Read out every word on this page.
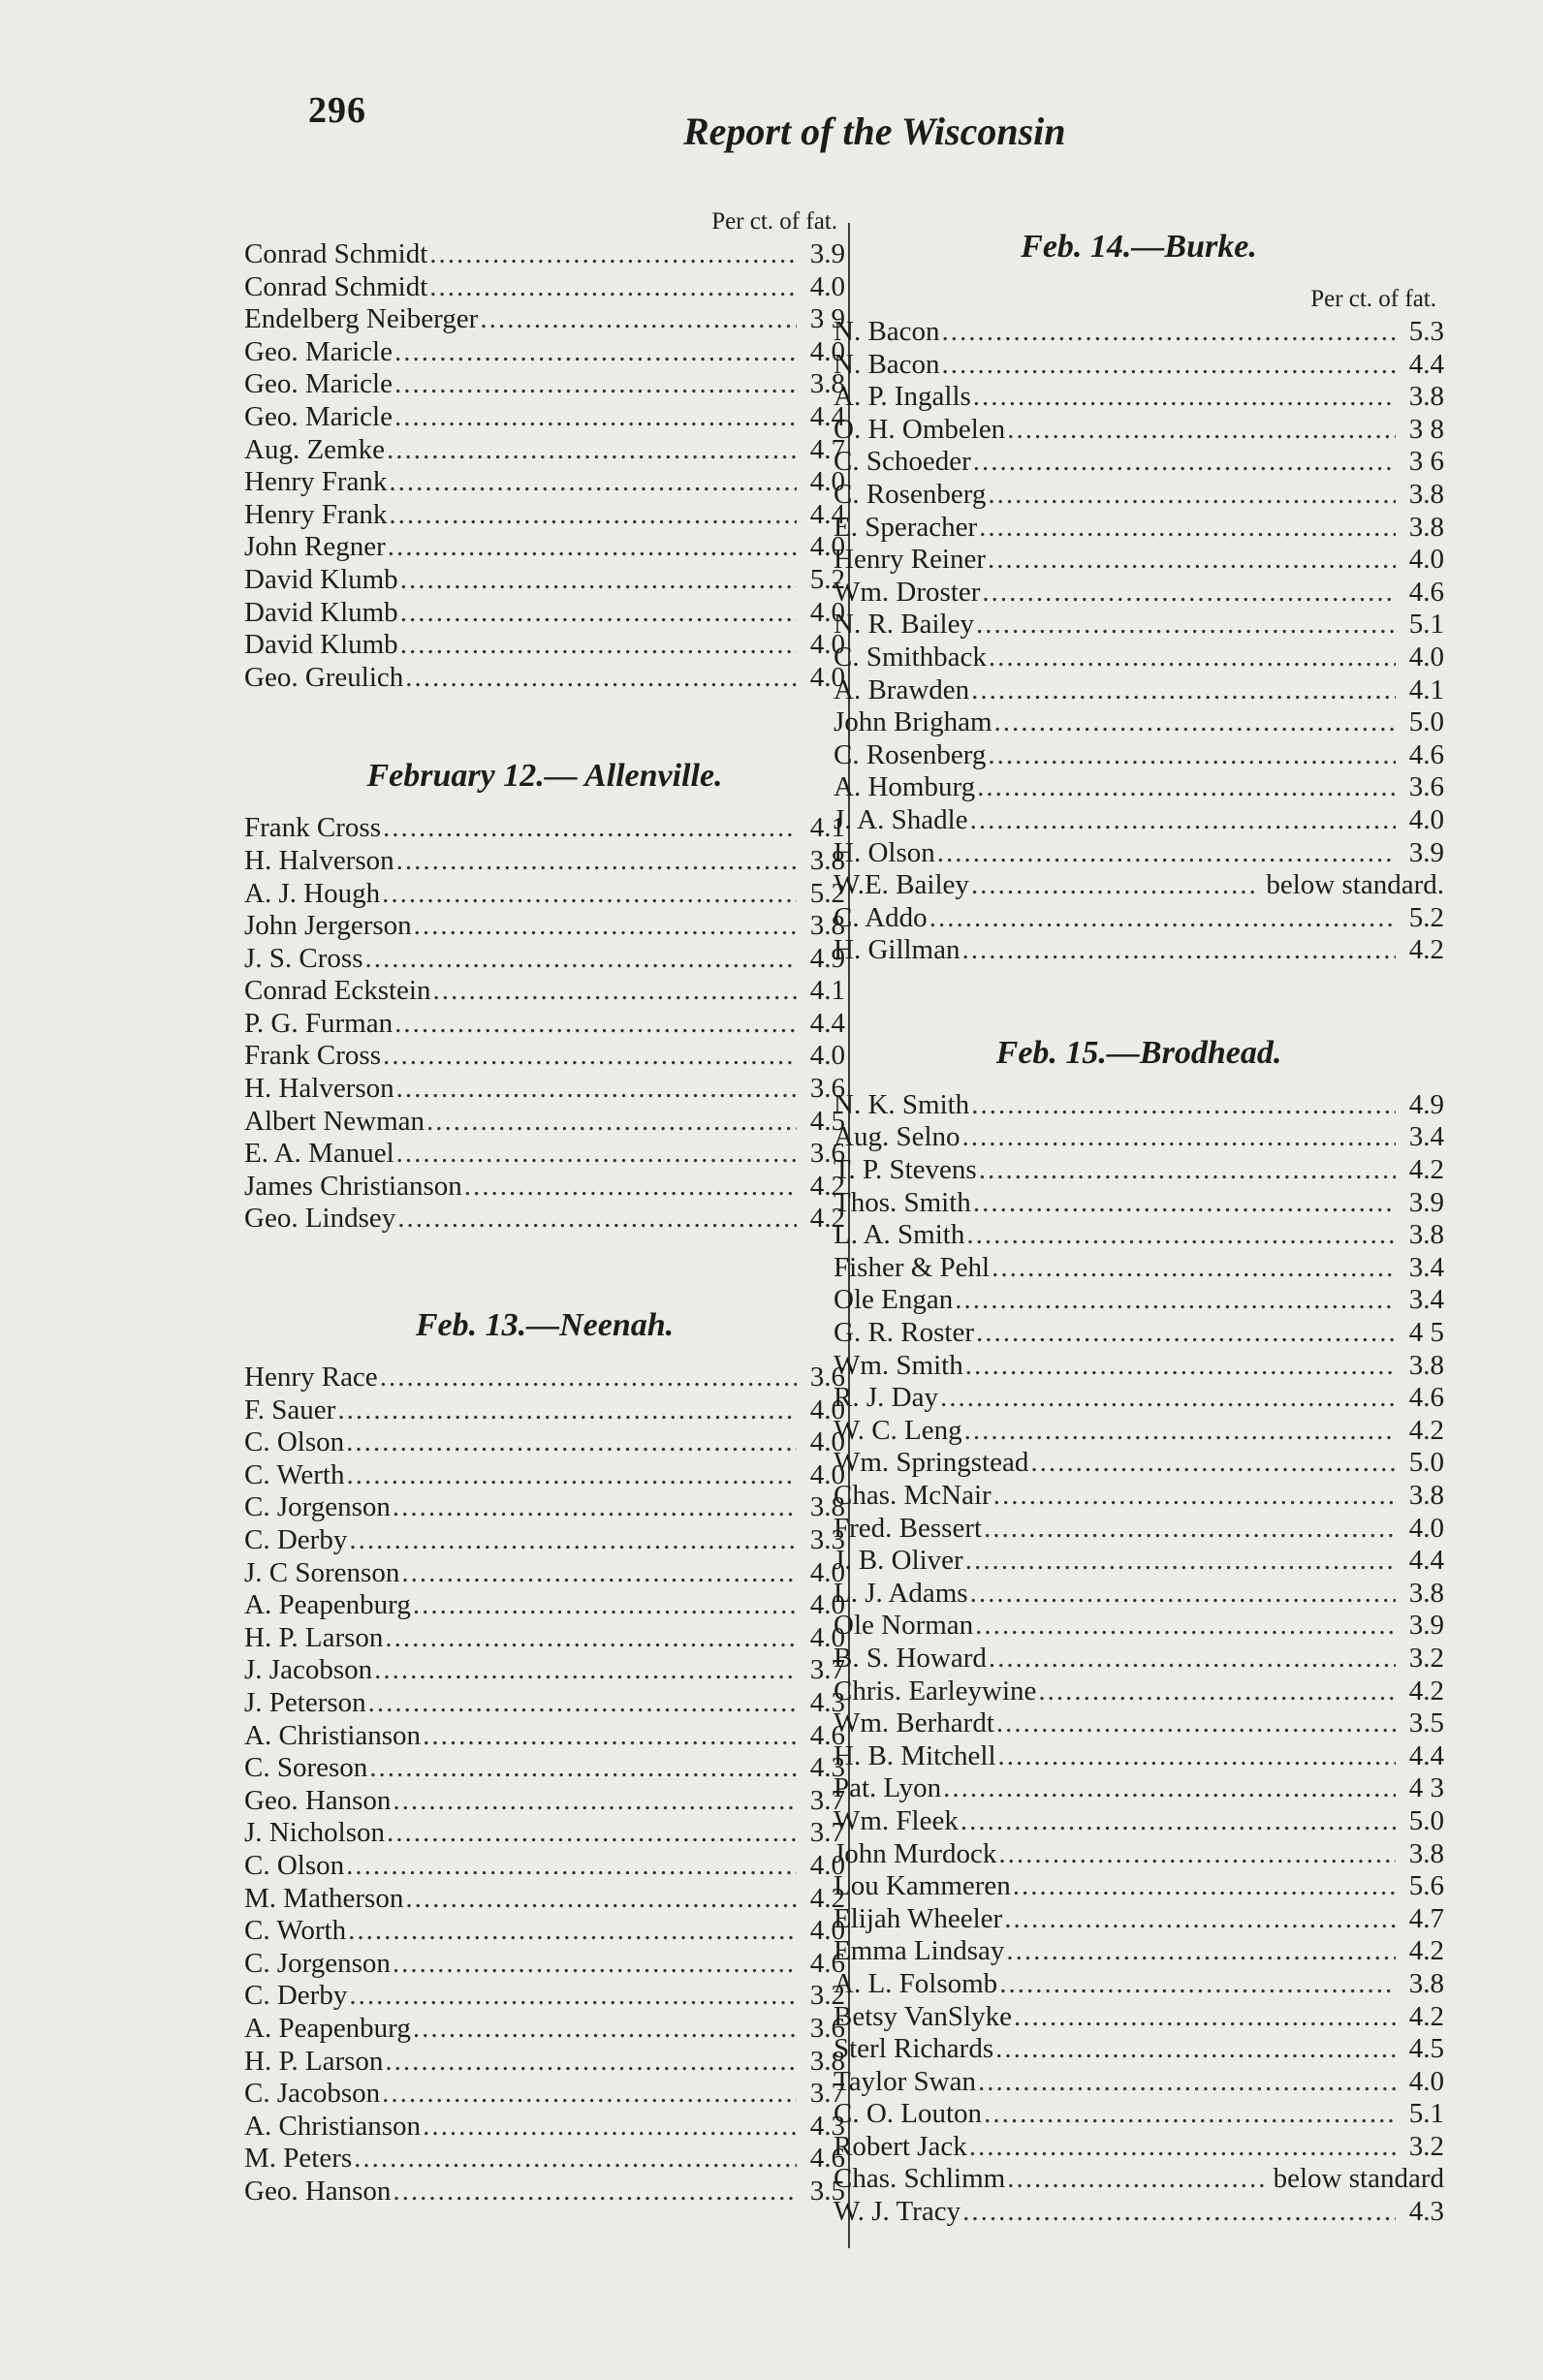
296	Report of the Wisconsin
Per ct. of fat.
Conrad Schmidt .....	3.9
Conrad Schmidt .....	4.0
Endelberg Neiberger .....	3 9
Geo. Maricle .....	4.0
Geo. Maricle .....	3.8
Geo. Maricle .....	4.4
Aug. Zemke .....	4.7
Henry Frank .....	4.0
Henry Frank .....	4.4
John Regner .....	4.0
David Klumb .....	5.2
David Klumb .....	4.0
David Klumb .....	4.0
Geo. Greulich .....	4.0
February 12.— Allenville.
Frank Cross .....	4.1
H. Halverson .....	3.8
A. J. Hough .....	5.2
John Jergerson .....	3.8
J. S. Cross .....	4.9
Conrad Eckstein .....	4.1
P. G. Furman .....	4.4
Frank Cross .....	4.0
H. Halverson .....	3.6
Albert Newman .....	4.5
E. A. Manuel .....	3.6
James Christianson .....	4.2
Geo. Lindsey .....	4.2
Feb. 13.—Neenah.
Henry Race .....	3.6
F. Sauer .....	4.0
C. Olson .....	4.0
C. Werth .....	4.0
C. Jorgenson .....	3.8
C. Derby .....	3.3
J. C Sorenson .....	4.0
A. Peapenburg .....	4.0
H. P. Larson .....	4.0
J. Jacobson .....	3.7
J. Peterson .....	4.3
A. Christianson .....	4.6
C. Soreson .....	4.3
Geo. Hanson .....	3.7
J. Nicholson .....	3.7
C. Olson .....	4.0
M. Matherson .....	4.2
C. Worth .....	4.0
C. Jorgenson .....	4.6
C. Derby .....	3.2
A. Peapenburg .....	3.6
H. P. Larson .....	3.8
C. Jacobson .....	3.7
A. Christianson .....	4.3
M. Peters .....	4.6
Geo. Hanson .....	3.5
Feb. 14.—Burke.
Per ct. of fat.
N. Bacon .....	5.3
N. Bacon .....	4.4
A. P. Ingalls .....	3.8
O. H. Ombelen .....	3 8
C. Schoeder .....	3 6
C. Rosenberg .....	3.8
E. Speracher .....	3.8
Henry Reiner .....	4.0
Wm. Droster .....	4.6
N. R. Bailey .....	5.1
C. Smithback .....	4.0
A. Brawden .....	4.1
John Brigham .....	5.0
C. Rosenberg .....	4.6
A. Homburg .....	3.6
J. A. Shadle .....	4.0
H. Olson .....	3.9
W.E. Bailey .....	below standard.
C. Addo .....	5.2
H. Gillman .....	4.2
Feb. 15.—Brodhead.
N. K. Smith .....	4.9
Aug. Selno .....	3.4
T. P. Stevens .....	4.2
Thos. Smith .....	3.9
L. A. Smith .....	3.8
Fisher & Pehl .....	3.4
Ole Engan .....	3.4
G. R. Roster .....	4 5
Wm. Smith .....	3.8
R. J. Day .....	4.6
W. C. Leng .....	4.2
Wm. Springstead .....	5.0
Chas. McNair .....	3.8
Fred. Bessert .....	4.0
J. B. Oliver .....	4.4
L. J. Adams .....	3.8
Ole Norman .....	3.9
B. S. Howard .....	3.2
Chris. Earleywine .....	4.2
Wm. Berhardt .....	3.5
H. B. Mitchell .....	4.4
Pat. Lyon .....	4 3
Wm. Fleek .....	5.0
John Murdock .....	3.8
Lou Kammeren .....	5.6
Elijah Wheeler .....	4.7
Emma Lindsay .....	4.2
A. L. Folsomb .....	3.8
Betsy VanSlyke .....	4.2
Sterl Richards .....	4.5
Taylor Swan .....	4.0
C. O. Louton .....	5.1
Robert Jack .....	3.2
Chas. Schlimm .....	below standard
W. J. Tracy .....	4.3
